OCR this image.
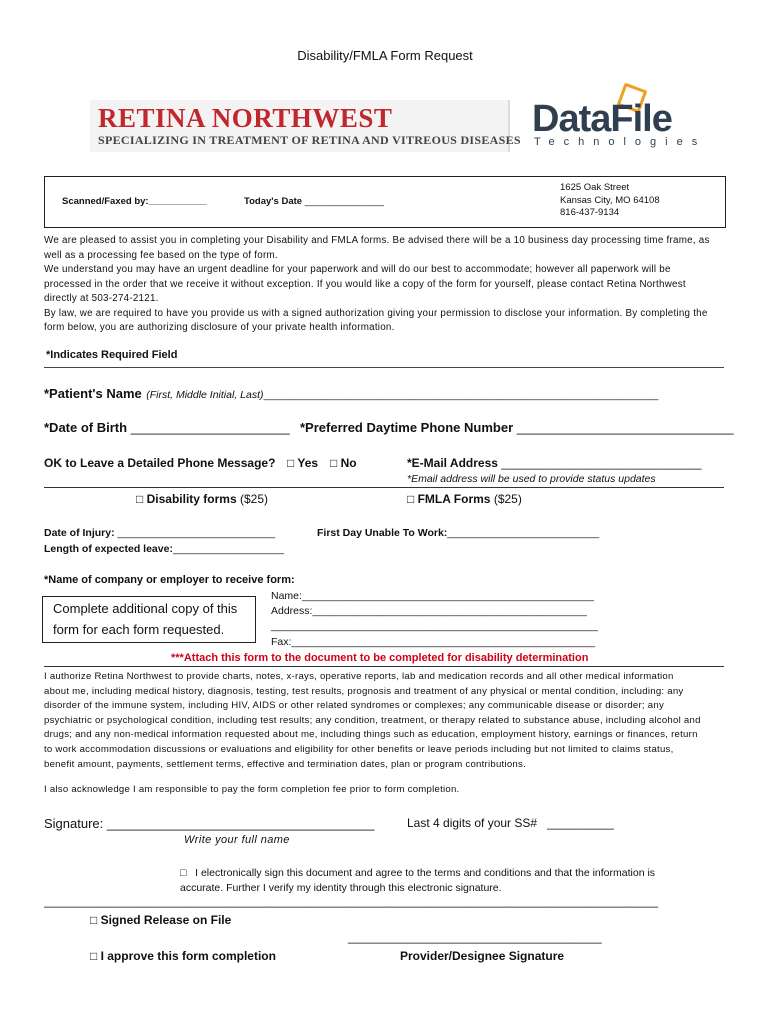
Disability/FMLA Form Request
RETINA NORTHWEST
SPECIALIZING IN TREATMENT OF RETINA AND VITREOUS DISEASES DataFile
Technologies
Scanned/Faxed by:___________	Today's Date _______________
1625 Oak Street
Kansas City, MO 64108
816-437-9134
We are pleased to assist you in completing your Disability and FMLA forms. Be advised there will be a 10 business day processing time frame, as
well as a processing fee based on the type of form.
We understand you may have an urgent deadline for your paperwork and will do our best to accommodate; however all paperwork will be
processed in the order that we receive it without exception. If you would like a copy of the form for yourself, please contact Retina Northwest
directly at 503-274-2121.
By law, we are required to have you provide us with a signed authorization giving your permission to disclose your information. By completing the
form below, you are authorizing disclosure of your private health information.
*Indicates Required Field
*Patient's Name (First, Middle Initial, Last)_______________________________________________________________________
*Date of Birth ______________________ *Preferred Daytime Phone Number ______________________________
OK to Leave a Detailed Phone Message? □ Yes □ No	*E-Mail Address ______________________________
*Email address will be used to provide status updates
□ Disability forms ($25)	□ FMLA Forms ($25)
Date of Injury: ___________________________
Length of expected leave:___________________
First Day Unable To Work:__________________________
*Name of company or employer to receive form:
Name:__________________________________________________
Address:_______________________________________________
________________________________________________________
Fax:____________________________________________________
Complete additional copy of this
form for each form requested.
***Attach this form to the document to be completed for disability determination
I authorize Retina Northwest to provide charts, notes, x-rays, operative reports, lab and medication records and all other medical information
about me, including medical history, diagnosis, testing, test results, prognosis and treatment of any physical or mental condition, including: any
disorder of the immune system, including HIV, AIDS or other related syndromes or complexes; any communicable disease or disorder; any
psychiatric or psychological condition, including test results; any condition, treatment, or therapy related to substance abuse, including alcohol and
drugs; and any non-medical information requested about me, including things such as education, employment history, earnings or finances, return
to work accommodation discussions or evaluations and eligibility for other benefits or leave periods including but not limited to claims status,
benefit amount, payments, settlement terms, effective and termination dates, plan or program contributions.
I also acknowledge I am responsible to pay the form completion fee prior to form completion.
Signature: _____________________________________
Write your full name
Last 4 digits of your SS# __________
□ I electronically sign this document and agree to the terms and conditions and that the information is
accurate. Further I verify my identity through this electronic signature.
____________________________________________________________________________________________
□ Signed Release on File
______________________________________
□ I approve this form completion	Provider/Designee Signature
